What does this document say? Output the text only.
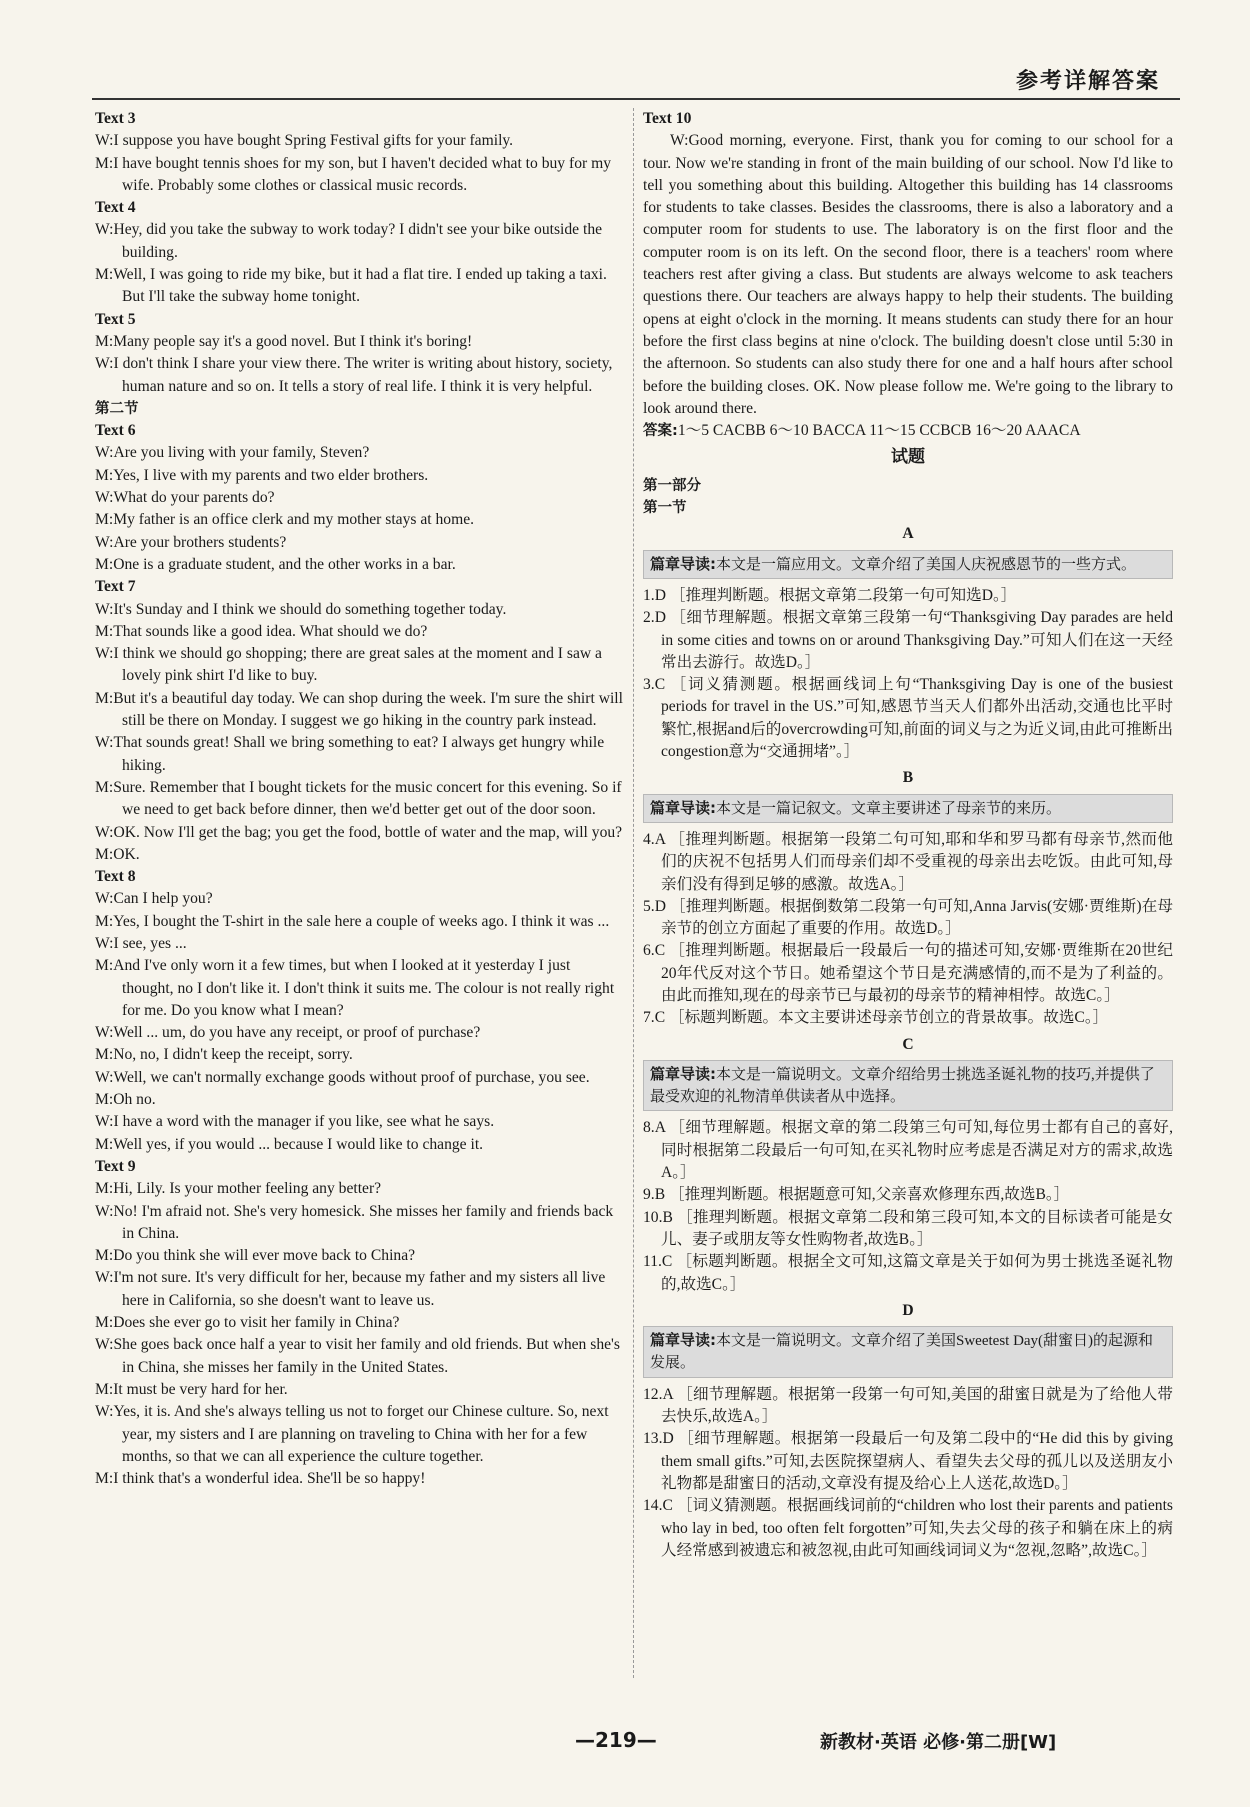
参考详解答案
Text 3
W:I suppose you have bought Spring Festival gifts for your family.
M:I have bought tennis shoes for my son, but I haven't decided what to buy for my wife. Probably some clothes or classical music records.
Text 4
W:Hey, did you take the subway to work today? I didn't see your bike outside the building.
M:Well, I was going to ride my bike, but it had a flat tire. I ended up taking a taxi. But I'll take the subway home tonight.
Text 5
M:Many people say it's a good novel. But I think it's boring!
W:I don't think I share your view there. The writer is writing about history, society, human nature and so on. It tells a story of real life. I think it is very helpful.
第二节
Text 6
W:Are you living with your family, Steven?
M:Yes, I live with my parents and two elder brothers.
W:What do your parents do?
M:My father is an office clerk and my mother stays at home.
W:Are your brothers students?
M:One is a graduate student, and the other works in a bar.
Text 7
W:It's Sunday and I think we should do something together today.
M:That sounds like a good idea. What should we do?
W:I think we should go shopping; there are great sales at the moment and I saw a lovely pink shirt I'd like to buy.
M:But it's a beautiful day today. We can shop during the week. I'm sure the shirt will still be there on Monday. I suggest we go hiking in the country park instead.
W:That sounds great! Shall we bring something to eat? I always get hungry while hiking.
M:Sure. Remember that I bought tickets for the music concert for this evening. So if we need to get back before dinner, then we'd better get out of the door soon.
W:OK. Now I'll get the bag; you get the food, bottle of water and the map, will you?
M:OK.
Text 8
W:Can I help you?
M:Yes, I bought the T-shirt in the sale here a couple of weeks ago. I think it was ...
W:I see, yes ...
M:And I've only worn it a few times, but when I looked at it yesterday I just thought, no I don't like it. I don't think it suits me. The colour is not really right for me. Do you know what I mean?
W:Well ... um, do you have any receipt, or proof of purchase?
M:No, no, I didn't keep the receipt, sorry.
W:Well, we can't normally exchange goods without proof of purchase, you see.
M:Oh no.
W:I have a word with the manager if you like, see what he says.
M:Well yes, if you would ... because I would like to change it.
Text 9
M:Hi, Lily. Is your mother feeling any better?
W:No! I'm afraid not. She's very homesick. She misses her family and friends back in China.
M:Do you think she will ever move back to China?
W:I'm not sure. It's very difficult for her, because my father and my sisters all live here in California, so she doesn't want to leave us.
M:Does she ever go to visit her family in China?
W:She goes back once half a year to visit her family and old friends. But when she's in China, she misses her family in the United States.
M:It must be very hard for her.
W:Yes, it is. And she's always telling us not to forget our Chinese culture. So, next year, my sisters and I are planning on traveling to China with her for a few months, so that we can all experience the culture together.
M:I think that's a wonderful idea. She'll be so happy!
Text 10
W:Good morning, everyone. First, thank you for coming to our school for a tour. Now we're standing in front of the main building of our school. Now I'd like to tell you something about this building. Altogether this building has 14 classrooms for students to take classes. Besides the classrooms, there is also a laboratory and a computer room for students to use. The laboratory is on the first floor and the computer room is on its left. On the second floor, there is a teachers' room where teachers rest after giving a class. But students are always welcome to ask teachers questions there. Our teachers are always happy to help their students. The building opens at eight o'clock in the morning. It means students can study there for an hour before the first class begins at nine o'clock. The building doesn't close until 5:30 in the afternoon. So students can also study there for one and a half hours after school before the building closes. OK. Now please follow me. We're going to the library to look around there.
答案:1～5 CACBB 6～10 BACCA 11～15 CCBCB 16～20 AAACA
试题
第一部分
第一节
A
篇章导读:本文是一篇应用文。文章介绍了美国人庆祝感恩节的一些方式。
1.D ［推理判断题。根据文章第二段第一句可知选D。］
2.D ［细节理解题。根据文章第三段第一句“Thanksgiving Day parades are held in some cities and towns on or around Thanksgiving Day.”可知人们在这一天经常出去游行。故选D。］
3.C ［词义猜测题。根据画线词上句“Thanksgiving Day is one of the busiest periods for travel in the US.”可知,感恩节当天人们都外出活动,交通也比平时繁忙,根据and后的overcrowding可知,前面的词义与之为近义词,由此可推断出congestion意为“交通拥堵”。］
B
篇章导读:本文是一篇记叙文。文章主要讲述了母亲节的来历。
4.A ［推理判断题。根据第一段第二句可知,耶和华和罗马都有母亲节,然而他们的庆祝不包括男人们而母亲们却不受重视的母亲出去吃饭。由此可知,母亲们没有得到足够的感激。故选A。］
5.D ［推理判断题。根据倒数第二段第一句可知,Anna Jarvis(安娜·贾维斯)在母亲节的创立方面起了重要的作用。故选D。］
6.C ［推理判断题。根据最后一段最后一句的描述可知,安娜·贾维斯在20世纪20年代反对这个节日。她希望这个节日是充满感情的,而不是为了利益的。由此而推知,现在的母亲节已与最初的母亲节的精神相悖。故选C。］
7.C ［标题判断题。本文主要讲述母亲节创立的背景故事。故选C。］
C
篇章导读:本文是一篇说明文。文章介绍给男士挑选圣诞礼物的技巧,并提供了最受欢迎的礼物清单供读者从中选择。
8.A ［细节理解题。根据文章的第二段第三句可知,每位男士都有自己的喜好,同时根据第二段最后一句可知,在买礼物时应考虑是否满足对方的需求,故选A。］
9.B ［推理判断题。根据题意可知,父亲喜欢修理东西,故选B。］
10.B ［推理判断题。根据文章第二段和第三段可知,本文的目标读者可能是女儿、妻子或朋友等女性购物者,故选B。］
11.C ［标题判断题。根据全文可知,这篇文章是关于如何为男士挑选圣诞礼物的,故选C。］
D
篇章导读:本文是一篇说明文。文章介绍了美国Sweetest Day(甜蜜日)的起源和发展。
12.A ［细节理解题。根据第一段第一句可知,美国的甜蜜日就是为了给他人带去快乐,故选A。］
13.D ［细节理解题。根据第一段最后一句及第二段中的“He did this by giving them small gifts.”可知,去医院探望病人、看望失去父母的孤儿以及送朋友小礼物都是甜蜜日的活动,文章没有提及给心上人送花,故选D。］
14.C ［词义猜测题。根据画线词前的“children who lost their parents and patients who lay in bed, too often felt forgotten”可知,失去父母的孩子和躺在床上的病人经常感到被遗忘和被忽视,由此可知画线词词义为“忽视,忽略”,故选C。］
—219—	新教材·英语 必修·第二册[W]
